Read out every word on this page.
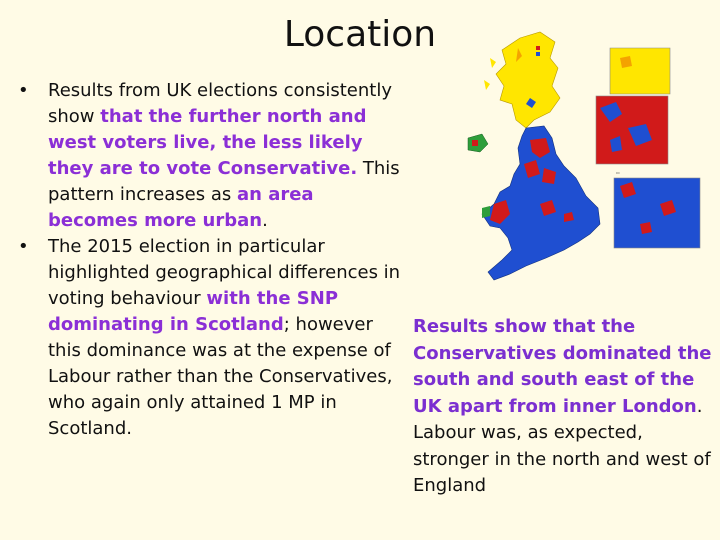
Location
• Results from UK elections consistently show that the further north and west voters live, the less likely they are to vote Conservative. This pattern increases as an area becomes more urban.
• The 2015 election in particular highlighted geographical differences in voting behaviour with the SNP dominating in Scotland; however this dominance was at the expense of Labour rather than the Conservatives, who again only attained 1 MP in Scotland.
▭

Results show that the Conservatives dominated the south and south east of the UK apart from inner London. Labour was, as expected, stronger in the north and west of England
